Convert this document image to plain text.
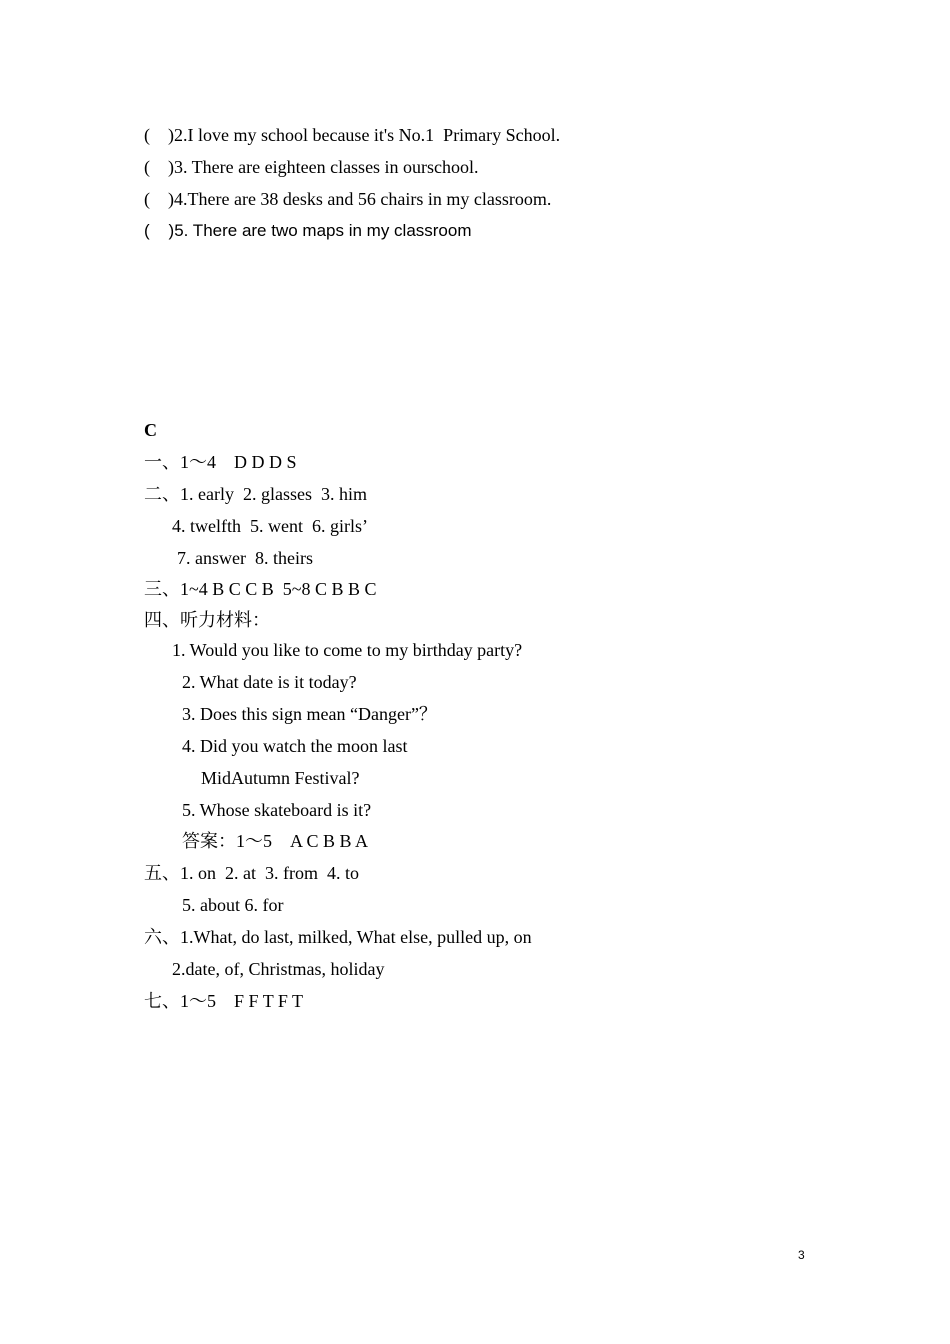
(    )2.I love my school because it's No.1  Primary School.
(    )3. There are eighteen classes in ourschool.
(    )4.There are 38 desks and 56 chairs in my classroom.
(    )5. There are two maps in my classroom
C
一、1～4    D D D S
二、1. early  2. glasses  3. him
4. twelfth  5. went  6. girls’
7. answer  8. theirs
三、1~4 B C C B  5~8 C B B C
四、听力材料：
1. Would you like to come to my birthday party?
2. What date is it today?
3. Does this sign mean “Danger”？
4. Did you watch the moon last
MidAutumn Festival?
5. Whose skateboard is it?
答案：1～5    A C B B A
五、1. on  2. at  3. from  4. to
5. about 6. for
六、1.What, do last, milked, What else, pulled up, on
2.date, of, Christmas, holiday
七、1～5    F F T F T
3
